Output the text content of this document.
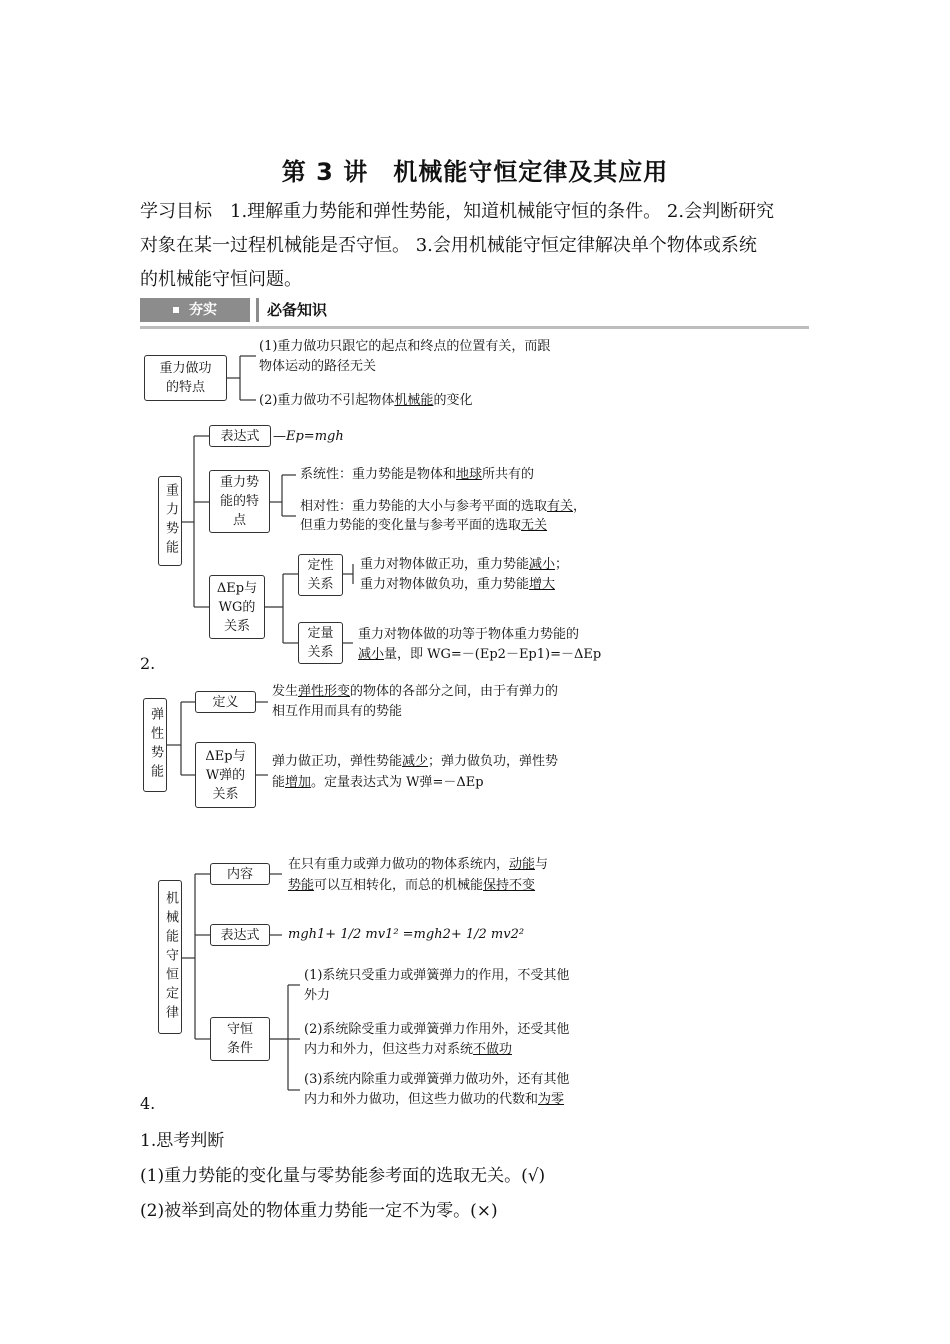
第 3 讲　机械能守恒定律及其应用
学习目标　1.理解重力势能和弹性势能，知道机械能守恒的条件。 2.会判断研究
对象在某一过程机械能是否守恒。 3.会用机械能守恒定律解决单个物体或系统
的机械能守恒问题。
夯实	必备知识
重力做功的特点
(1)重力做功只跟它的起点和终点的位置有关，而跟
物体运动的路径无关
(2)重力做功不引起物体机械能的变化
重力势能
表达式	—Ep=mgh
重力势能的特点
系统性：重力势能是物体和地球所共有的
相对性：重力势能的大小与参考平面的选取有关，
但重力势能的变化量与参考平面的选取无关
ΔEp与WG的关系
定性关系
重力对物体做正功，重力势能减小；
重力对物体做负功，重力势能增大
定量关系
重力对物体做的功等于物体重力势能的
减小量，即 WG=－(Ep2－Ep1)=－ΔEp
2.
弹性势能
定义
发生弹性形变的物体的各部分之间，由于有弹力的
相互作用而具有的势能
ΔEp与W弹的关系
弹力做正功，弹性势能减少；弹力做负功，弹性势
能增加。定量表达式为 W弹=－ΔEp
机械能守恒定律
内容
在只有重力或弹力做功的物体系统内，动能与
势能可以互相转化，而总的机械能保持不变
表达式	mgh1+ 1/2 mv1² =mgh2+ 1/2 mv2²
守恒条件
(1)系统只受重力或弹簧弹力的作用，不受其他
外力
(2)系统除受重力或弹簧弹力作用外，还受其他
内力和外力，但这些力对系统不做功
(3)系统内除重力或弹簧弹力做功外，还有其他
内力和外力做功，但这些力做功的代数和为零
4.
1.思考判断
(1)重力势能的变化量与零势能参考面的选取无关。(√)
(2)被举到高处的物体重力势能一定不为零。(×)
